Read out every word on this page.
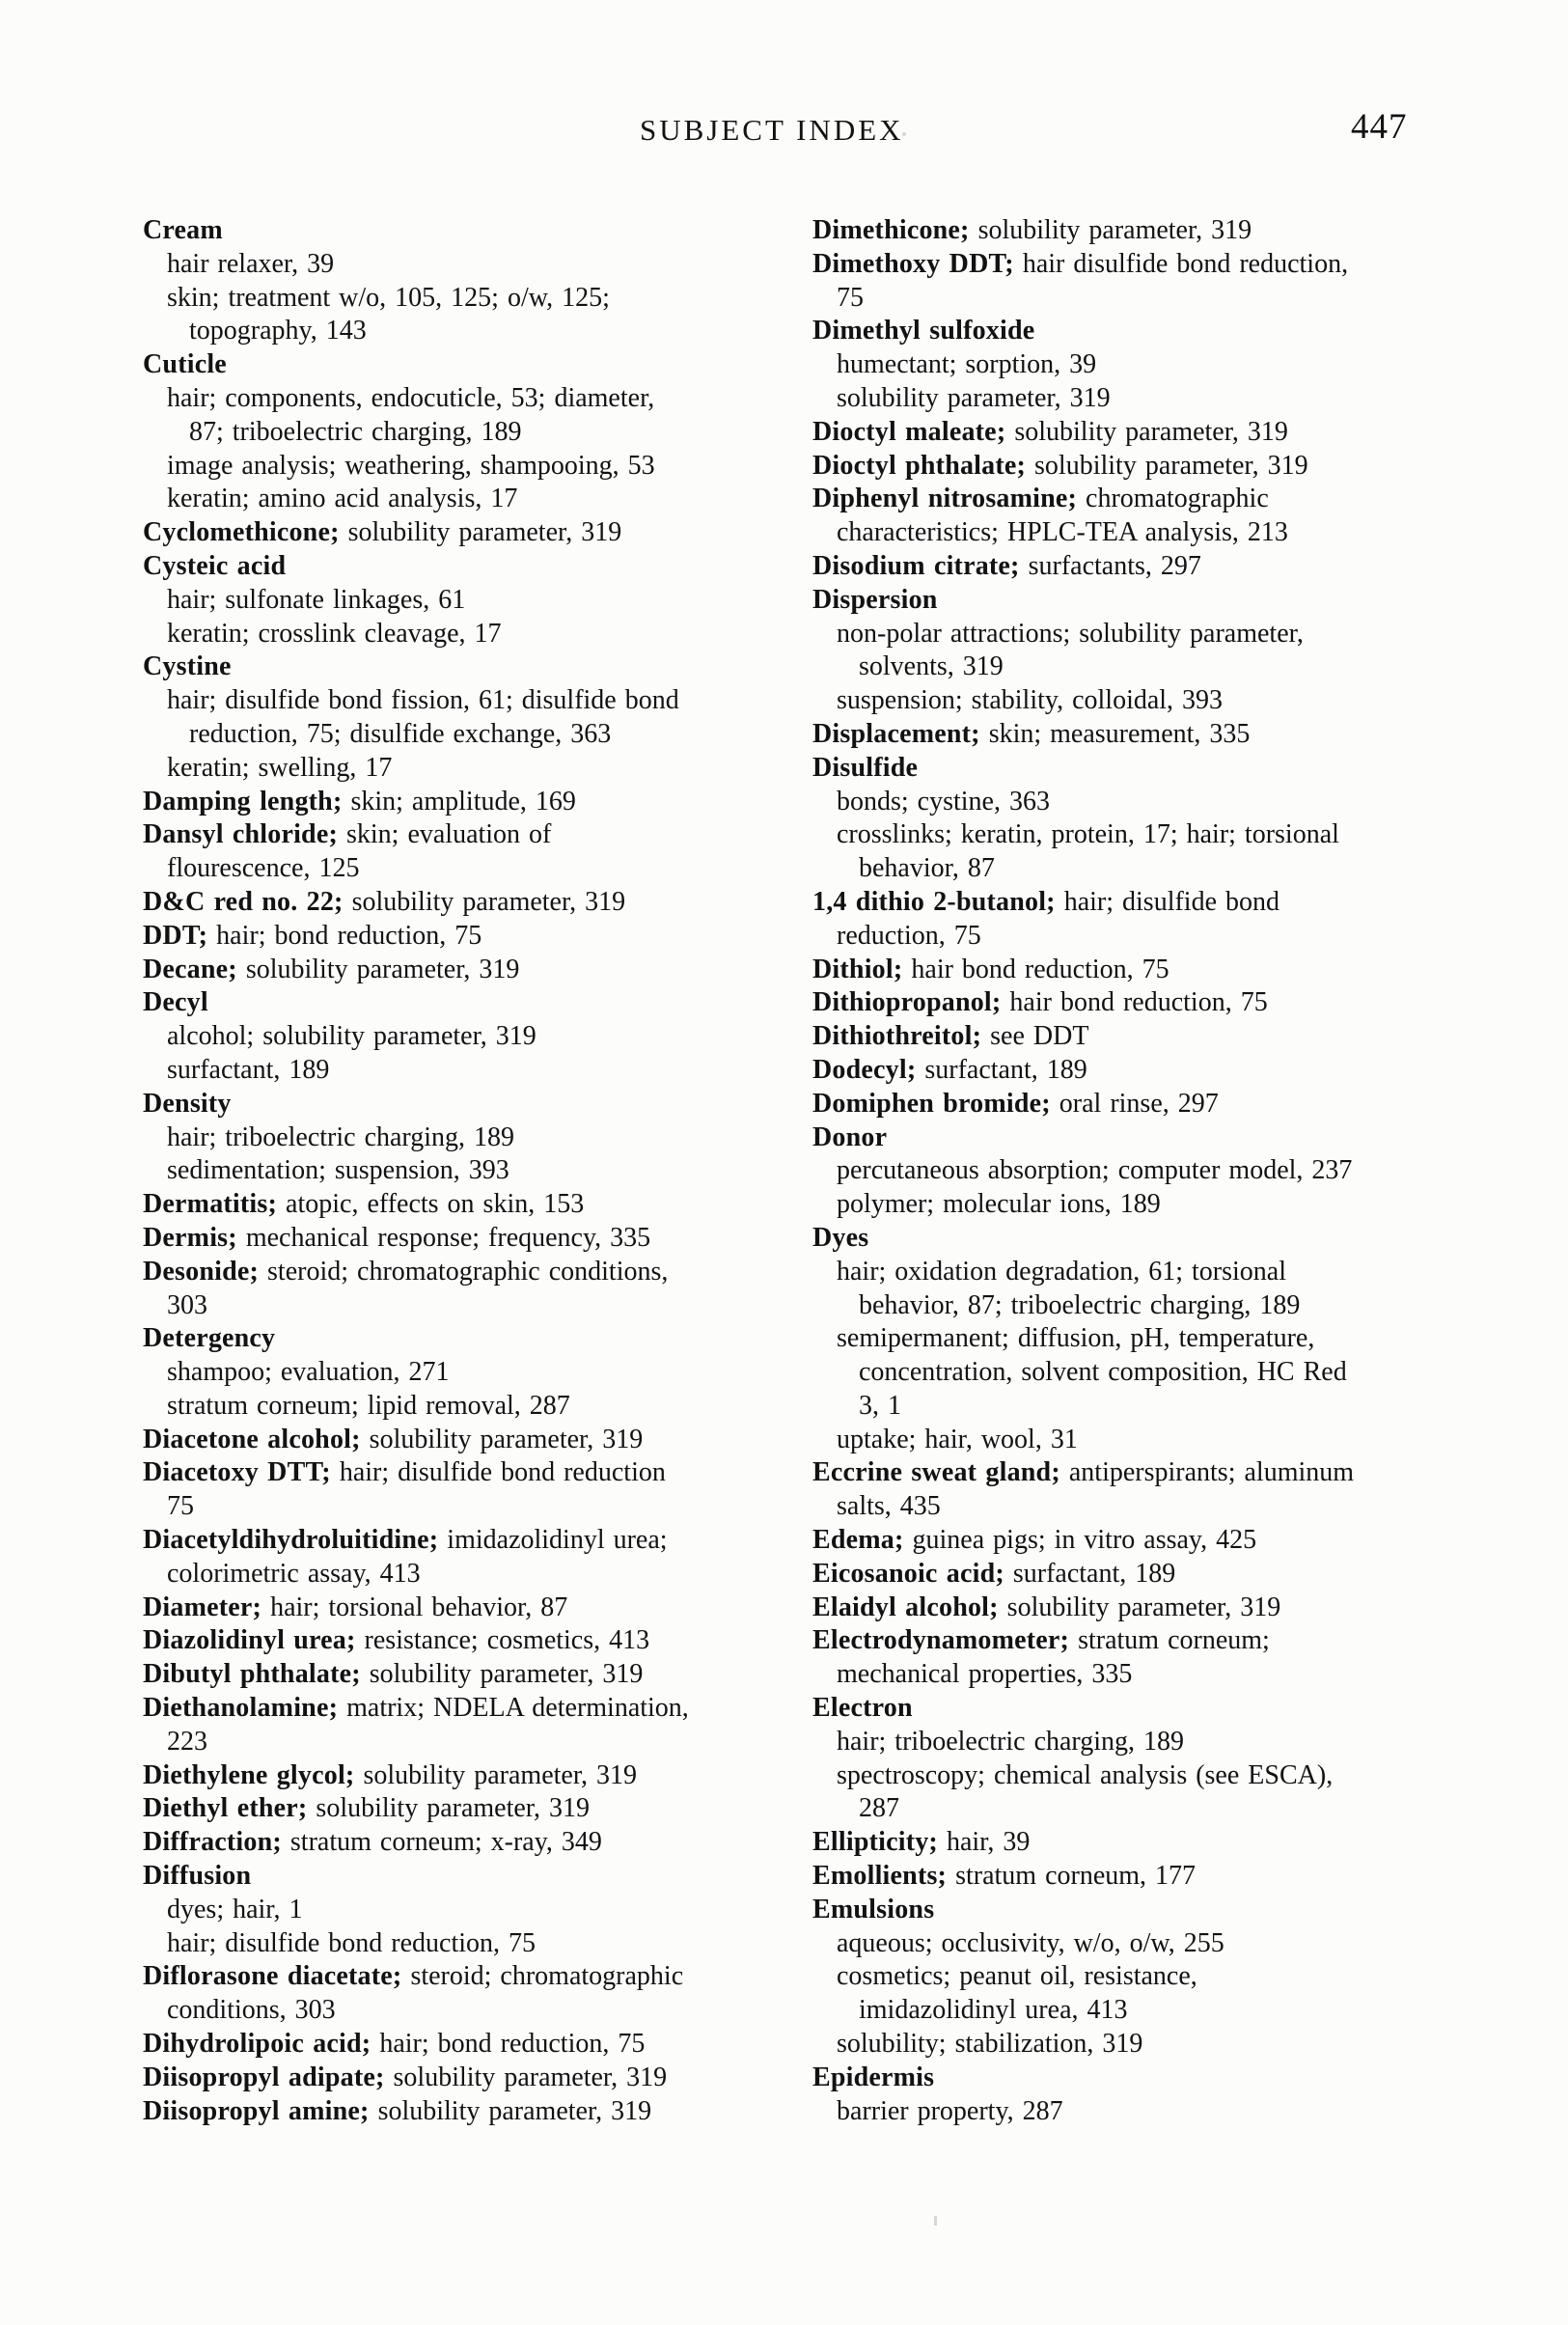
SUBJECT INDEX	447
Cream
hair relaxer, 39
skin; treatment w/o, 105, 125; o/w, 125;
topography, 143
Cuticle
hair; components, endocuticle, 53; diameter,
87; triboelectric charging, 189
image analysis; weathering, shampooing, 53
keratin; amino acid analysis, 17
Cyclomethicone; solubility parameter, 319
Cysteic acid
hair; sulfonate linkages, 61
keratin; crosslink cleavage, 17
Cystine
hair; disulfide bond fission, 61; disulfide bond
reduction, 75; disulfide exchange, 363
keratin; swelling, 17
Damping length; skin; amplitude, 169
Dansyl chloride; skin; evaluation of
flourescence, 125
D&C red no. 22; solubility parameter, 319
DDT; hair; bond reduction, 75
Decane; solubility parameter, 319
Decyl
alcohol; solubility parameter, 319
surfactant, 189
Density
hair; triboelectric charging, 189
sedimentation; suspension, 393
Dermatitis; atopic, effects on skin, 153
Dermis; mechanical response; frequency, 335
Desonide; steroid; chromatographic conditions,
303
Detergency
shampoo; evaluation, 271
stratum corneum; lipid removal, 287
Diacetone alcohol; solubility parameter, 319
Diacetoxy DTT; hair; disulfide bond reduction
75
Diacetyldihydroluitidine; imidazolidinyl urea;
colorimetric assay, 413
Diameter; hair; torsional behavior, 87
Diazolidinyl urea; resistance; cosmetics, 413
Dibutyl phthalate; solubility parameter, 319
Diethanolamine; matrix; NDELA determination,
223
Diethylene glycol; solubility parameter, 319
Diethyl ether; solubility parameter, 319
Diffraction; stratum corneum; x-ray, 349
Diffusion
dyes; hair, 1
hair; disulfide bond reduction, 75
Diflorasone diacetate; steroid; chromatographic
conditions, 303
Dihydrolipoic acid; hair; bond reduction, 75
Diisopropyl adipate; solubility parameter, 319
Diisopropyl amine; solubility parameter, 319
Dimethicone; solubility parameter, 319
Dimethoxy DDT; hair disulfide bond reduction,
75
Dimethyl sulfoxide
humectant; sorption, 39
solubility parameter, 319
Dioctyl maleate; solubility parameter, 319
Dioctyl phthalate; solubility parameter, 319
Diphenyl nitrosamine; chromatographic
characteristics; HPLC-TEA analysis, 213
Disodium citrate; surfactants, 297
Dispersion
non-polar attractions; solubility parameter,
solvents, 319
suspension; stability, colloidal, 393
Displacement; skin; measurement, 335
Disulfide
bonds; cystine, 363
crosslinks; keratin, protein, 17; hair; torsional
behavior, 87
1,4 dithio 2-butanol; hair; disulfide bond
reduction, 75
Dithiol; hair bond reduction, 75
Dithiopropanol; hair bond reduction, 75
Dithiothreitol; see DDT
Dodecyl; surfactant, 189
Domiphen bromide; oral rinse, 297
Donor
percutaneous absorption; computer model, 237
polymer; molecular ions, 189
Dyes
hair; oxidation degradation, 61; torsional
behavior, 87; triboelectric charging, 189
semipermanent; diffusion, pH, temperature,
concentration, solvent composition, HC Red
3, 1
uptake; hair, wool, 31
Eccrine sweat gland; antiperspirants; aluminum
salts, 435
Edema; guinea pigs; in vitro assay, 425
Eicosanoic acid; surfactant, 189
Elaidyl alcohol; solubility parameter, 319
Electrodynamometer; stratum corneum;
mechanical properties, 335
Electron
hair; triboelectric charging, 189
spectroscopy; chemical analysis (see ESCA),
287
Ellipticity; hair, 39
Emollients; stratum corneum, 177
Emulsions
aqueous; occlusivity, w/o, o/w, 255
cosmetics; peanut oil, resistance,
imidazolidinyl urea, 413
solubility; stabilization, 319
Epidermis
barrier property, 287
